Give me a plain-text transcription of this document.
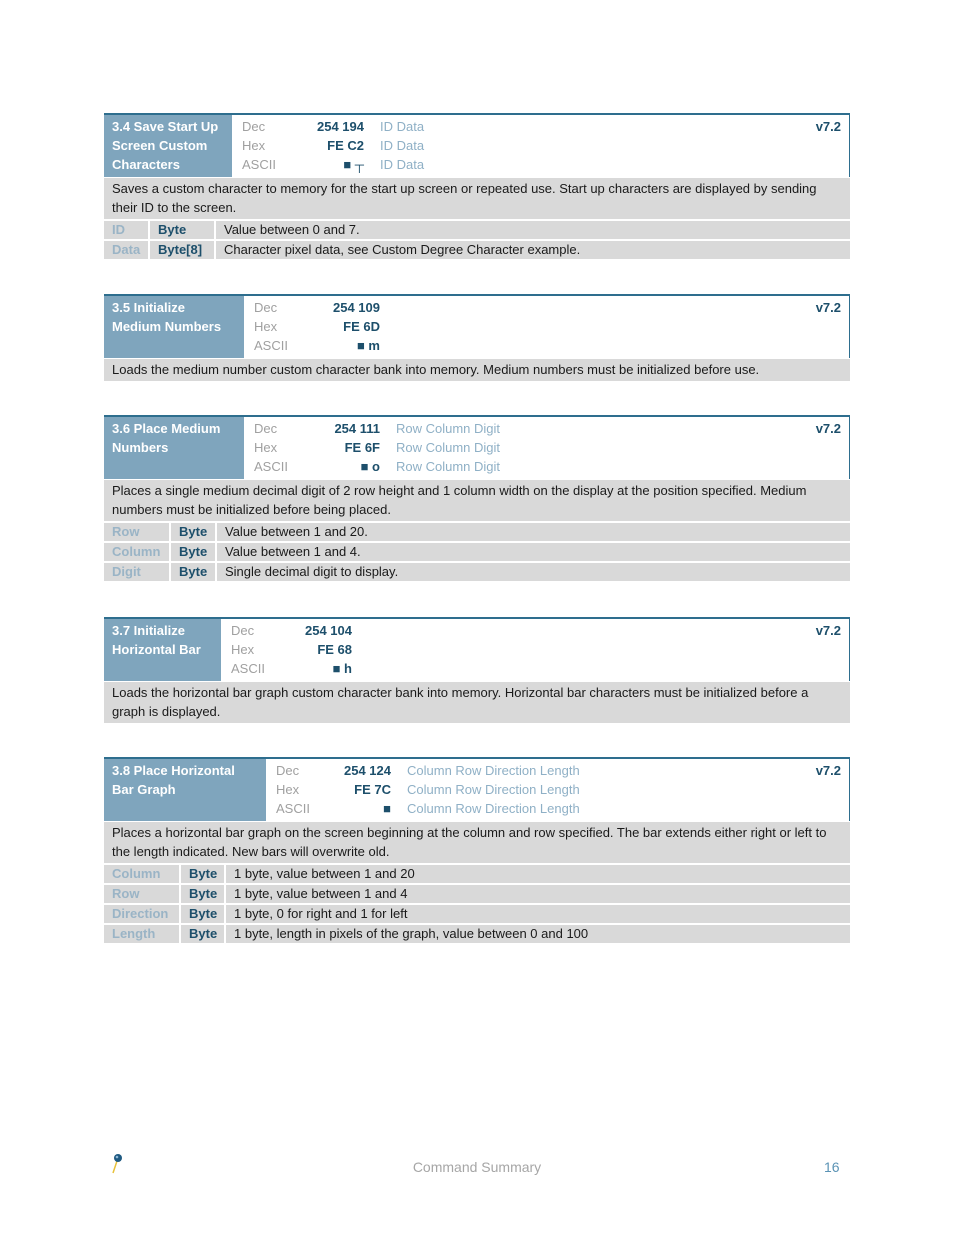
3.4 Save Start Up
Screen Custom
Characters
Dec	254 194	ID Data
Hex	FE C2	ID Data
ASCII	■ ┬	ID Data
v7.2
Saves a custom character to memory for the start up screen or repeated use. Start up characters are displayed by sending their ID to the screen.
ID	Byte	Value between 0 and 7.
Data	Byte[8]	Character pixel data, see Custom Degree Character example.
3.5 Initialize
Medium Numbers
Dec	254 109
Hex	FE 6D
ASCII	■ m
v7.2
Loads the medium number custom character bank into memory. Medium numbers must be initialized before use.
3.6 Place Medium
Numbers
Dec	254 111	Row Column Digit
Hex	FE 6F	Row Column Digit
ASCII	■ o	Row Column Digit
v7.2
Places a single medium decimal digit of 2 row height and 1 column width on the display at the position specified. Medium numbers must be initialized before being placed.
Row	Byte	Value between 1 and 20.
Column	Byte	Value between 1 and 4.
Digit	Byte	Single decimal digit to display.
3.7 Initialize
Horizontal Bar
Dec	254 104
Hex	FE 68
ASCII	■ h
v7.2
Loads the horizontal bar graph custom character bank into memory. Horizontal bar characters must be initialized before a graph is displayed.
3.8 Place Horizontal
Bar Graph
Dec	254 124	Column Row Direction Length
Hex	FE 7C	Column Row Direction Length
ASCII	■	Column Row Direction Length
v7.2
Places a horizontal bar graph on the screen beginning at the column and row specified. The bar extends either right or left to the length indicated. New bars will overwrite old.
Column	Byte	1 byte, value between 1 and 20
Row	Byte	1 byte, value between 1 and 4
Direction	Byte	1 byte, 0 for right and 1 for left
Length	Byte	1 byte, length in pixels of the graph, value between 0 and 100
Command Summary	16
